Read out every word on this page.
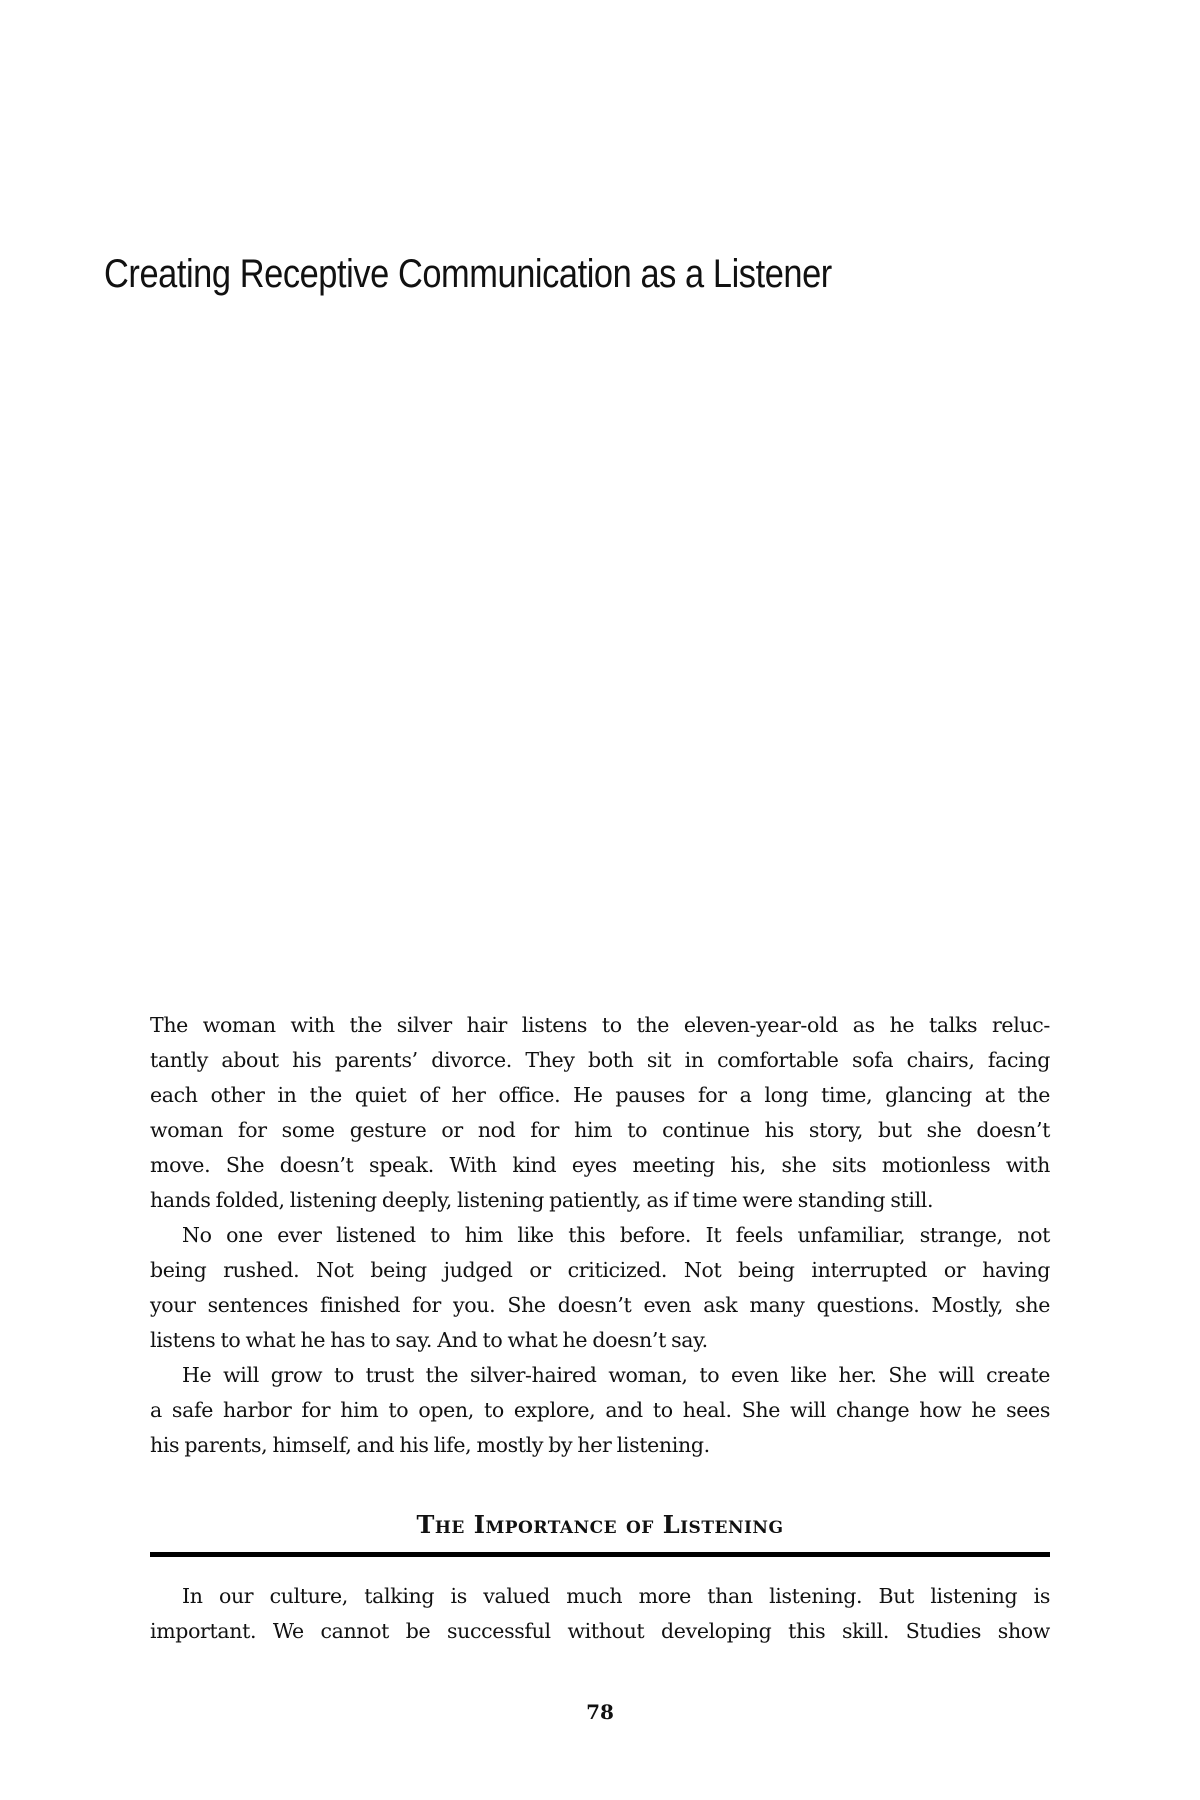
Creating Receptive Communication as a Listener
The woman with the silver hair listens to the eleven-year-old as he talks reluc-
tantly about his parents’ divorce. They both sit in comfortable sofa chairs, facing
each other in the quiet of her office. He pauses for a long time, glancing at the
woman for some gesture or nod for him to continue his story, but she doesn’t
move. She doesn’t speak. With kind eyes meeting his, she sits motionless with
hands folded, listening deeply, listening patiently, as if time were standing still.
No one ever listened to him like this before. It feels unfamiliar, strange, not
being rushed. Not being judged or criticized. Not being interrupted or having
your sentences finished for you. She doesn’t even ask many questions. Mostly, she
listens to what he has to say. And to what he doesn’t say.
He will grow to trust the silver-haired woman, to even like her. She will create
a safe harbor for him to open, to explore, and to heal. She will change how he sees
his parents, himself, and his life, mostly by her listening.
The Importance of Listening
In our culture, talking is valued much more than listening. But listening is
important. We cannot be successful without developing this skill. Studies show
78
